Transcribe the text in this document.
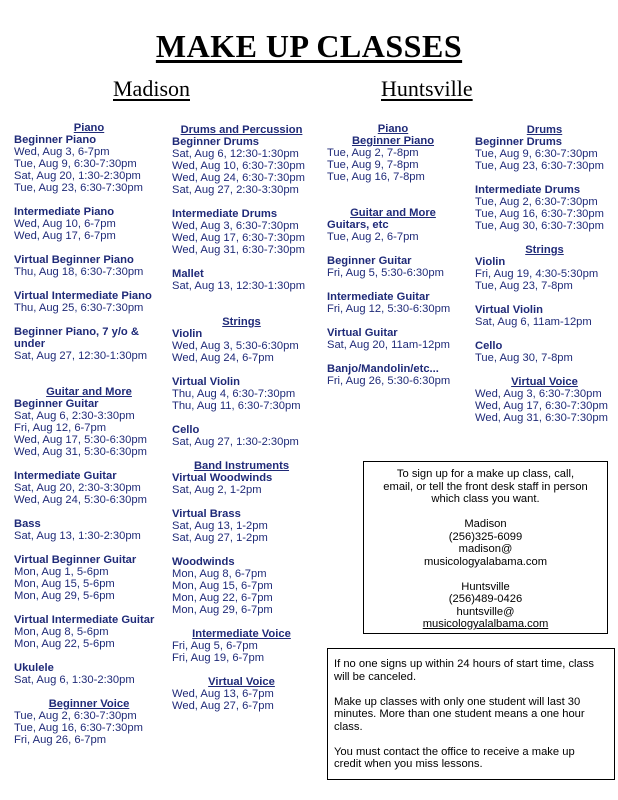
MAKE UP CLASSES
Madison	Huntsville
Piano
Beginner Piano
Wed, Aug 3, 6-7pm
Tue, Aug 9, 6:30-7:30pm
Sat, Aug 20, 1:30-2:30pm
Tue, Aug 23, 6:30-7:30pm
Intermediate Piano
Wed, Aug 10, 6-7pm
Wed, Aug 17, 6-7pm
Virtual Beginner Piano
Thu, Aug 18, 6:30-7:30pm
Virtual Intermediate Piano
Thu, Aug 25, 6:30-7:30pm
Beginner Piano, 7 y/o &
under
Sat, Aug 27, 12:30-1:30pm
Guitar and More
Beginner Guitar
Sat, Aug 6, 2:30-3:30pm
Fri, Aug 12, 6-7pm
Wed, Aug 17, 5:30-6:30pm
Wed, Aug 31, 5:30-6:30pm
Intermediate Guitar
Sat, Aug 20, 2:30-3:30pm
Wed, Aug 24, 5:30-6:30pm
Bass
Sat, Aug 13, 1:30-2:30pm
Virtual Beginner Guitar
Mon, Aug 1, 5-6pm
Mon, Aug 15, 5-6pm
Mon, Aug 29, 5-6pm
Virtual Intermediate Guitar
Mon, Aug 8, 5-6pm
Mon, Aug 22, 5-6pm
Ukulele
Sat, Aug 6, 1:30-2:30pm
Beginner Voice
Tue, Aug 2, 6:30-7:30pm
Tue, Aug 16, 6:30-7:30pm
Fri, Aug 26, 6-7pm
Drums and Percussion
Beginner Drums
Sat, Aug 6, 12:30-1:30pm
Wed, Aug 10, 6:30-7:30pm
Wed, Aug 24, 6:30-7:30pm
Sat, Aug 27, 2:30-3:30pm
Intermediate Drums
Wed, Aug 3, 6:30-7:30pm
Wed, Aug 17, 6:30-7:30pm
Wed, Aug 31, 6:30-7:30pm
Mallet
Sat, Aug 13, 12:30-1:30pm
Strings
Violin
Wed, Aug 3, 5:30-6:30pm
Wed, Aug 24, 6-7pm
Virtual Violin
Thu, Aug 4, 6:30-7:30pm
Thu, Aug 11, 6:30-7:30pm
Cello
Sat, Aug 27, 1:30-2:30pm
Band Instruments
Virtual Woodwinds
Sat, Aug 2, 1-2pm
Virtual Brass
Sat, Aug 13, 1-2pm
Sat, Aug 27, 1-2pm
Woodwinds
Mon, Aug 8, 6-7pm
Mon, Aug 15, 6-7pm
Mon, Aug 22, 6-7pm
Mon, Aug 29, 6-7pm
Intermediate Voice
Fri, Aug 5, 6-7pm
Fri, Aug 19, 6-7pm
Virtual Voice
Wed, Aug 13, 6-7pm
Wed, Aug 27, 6-7pm
Piano
Beginner Piano
Tue, Aug 2, 7-8pm
Tue, Aug 9, 7-8pm
Tue, Aug 16, 7-8pm
Guitar and More
Guitars, etc
Tue, Aug 2, 6-7pm
Beginner Guitar
Fri, Aug 5, 5:30-6:30pm
Intermediate Guitar
Fri, Aug 12, 5:30-6:30pm
Virtual Guitar
Sat, Aug 20, 11am-12pm
Banjo/Mandolin/etc...
Fri, Aug 26, 5:30-6:30pm
Drums
Beginner Drums
Tue, Aug 9, 6:30-7:30pm
Tue, Aug 23, 6:30-7:30pm
Intermediate Drums
Tue, Aug 2, 6:30-7:30pm
Tue, Aug 16, 6:30-7:30pm
Tue, Aug 30, 6:30-7:30pm
Strings
Violin
Fri, Aug 19, 4:30-5:30pm
Tue, Aug 23, 7-8pm
Virtual Violin
Sat, Aug 6, 11am-12pm
Cello
Tue, Aug 30, 7-8pm
Virtual Voice
Wed, Aug 3, 6:30-7:30pm
Wed, Aug 17, 6:30-7:30pm
Wed, Aug 31, 6:30-7:30pm
To sign up for a make up class, call,
email, or tell the front desk staff in person
which class you want.
Madison
(256)325-6099
madison@
musicologyalabama.com
Huntsville
(256)489-0426
huntsville@
musicologyalalbama.com
If no one signs up within 24 hours of start time, class
will be canceled.
Make up classes with only one student will last 30
minutes. More than one student means a one hour
class.
You must contact the office to receive a make up
credit when you miss lessons.
